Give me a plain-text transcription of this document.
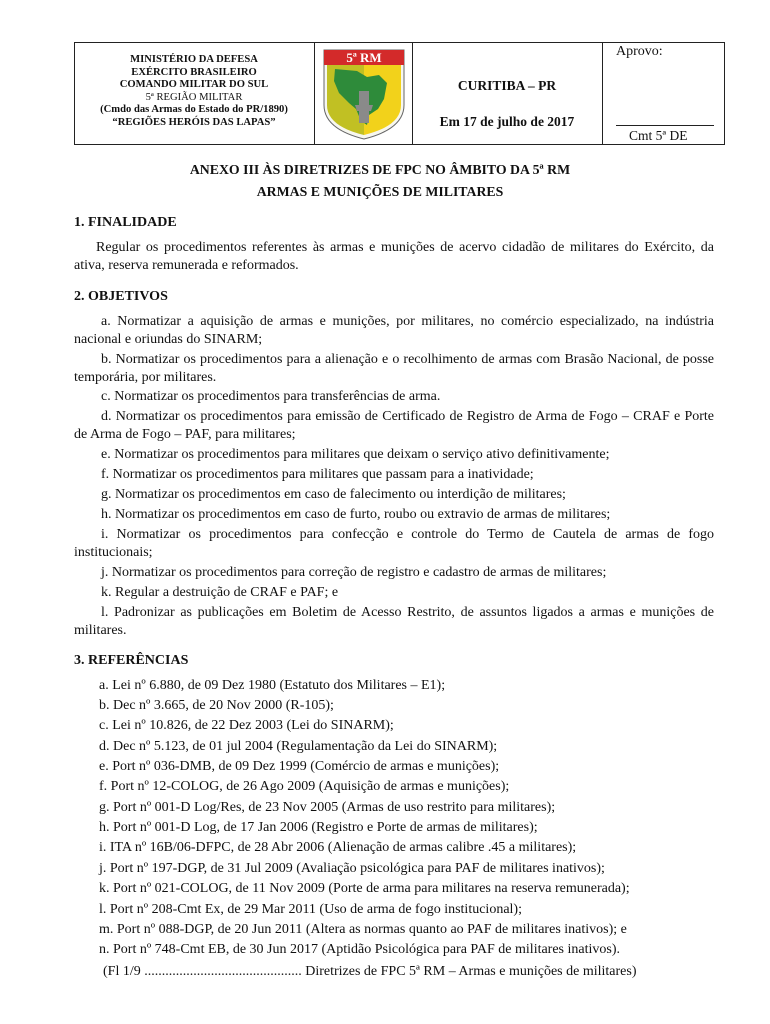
MINISTÉRIO DA DEFESA
EXÉRCITO BRASILEIRO
COMANDO MILITAR DO SUL
5ª REGIÃO MILITAR
(Cmdo das Armas do Estado do PR/1890)
“REGIÕES HERÓIS DAS LAPAS”
5ª RM
CURITIBA – PR
Em 17 de julho de 2017
Aprovo:
Cmt 5ª DE
ANEXO III ÀS DIRETRIZES DE FPC NO ÂMBITO DA 5ª RM
ARMAS E MUNIÇÕES DE MILITARES
1. FINALIDADE
Regular os procedimentos referentes às armas e munições de acervo cidadão de militares do Exército, da ativa, reserva remunerada e reformados.
2. OBJETIVOS
a. Normatizar a aquisição de armas e munições, por militares, no comércio especializado, na indústria nacional e oriundas do SINARM;
b. Normatizar os procedimentos para a alienação e o recolhimento de armas com Brasão Nacional, de posse temporária, por militares.
c. Normatizar os procedimentos para transferências de arma.
d. Normatizar os procedimentos para emissão de Certificado de Registro de Arma de Fogo – CRAF e Porte de Arma de Fogo – PAF, para militares;
e. Normatizar os procedimentos para militares que deixam o serviço ativo definitivamente;
f. Normatizar os procedimentos para militares que passam para a inatividade;
g. Normatizar os procedimentos em caso de falecimento ou interdição de militares;
h. Normatizar os procedimentos em caso de furto, roubo ou extravio de armas de militares;
i. Normatizar os procedimentos para confecção e controle do Termo de Cautela de armas de fogo institucionais;
j. Normatizar os procedimentos para correção de registro e cadastro de armas de militares;
k. Regular a destruição de CRAF e PAF; e
l. Padronizar as publicações em Boletim de Acesso Restrito, de assuntos ligados a armas e munições de militares.
3. REFERÊNCIAS
a. Lei nº 6.880, de 09 Dez 1980 (Estatuto dos Militares – E1);
b. Dec nº 3.665, de 20 Nov 2000 (R-105);
c. Lei nº 10.826, de 22 Dez 2003 (Lei do SINARM);
d. Dec nº 5.123, de 01 jul 2004 (Regulamentação da Lei do SINARM);
e. Port nº 036-DMB, de 09 Dez 1999 (Comércio de armas e munições);
f. Port nº 12-COLOG, de 26 Ago 2009 (Aquisição de armas e munições);
g. Port nº 001-D Log/Res, de 23 Nov 2005 (Armas de uso restrito para militares);
h. Port nº 001-D Log, de 17 Jan 2006 (Registro e Porte de armas de militares);
i. ITA nº 16B/06-DFPC, de 28 Abr 2006 (Alienação de armas calibre .45 a militares);
j. Port nº 197-DGP, de 31 Jul 2009 (Avaliação psicológica para PAF de militares inativos);
k. Port nº 021-COLOG, de 11 Nov 2009 (Porte de arma para militares na reserva remunerada);
l. Port nº 208-Cmt Ex, de 29 Mar 2011 (Uso de arma de fogo institucional);
m. Port nº 088-DGP, de 20 Jun 2011 (Altera as normas quanto ao PAF de militares inativos); e
n. Port nº 748-Cmt EB, de 30 Jun 2017 (Aptidão Psicológica para PAF de militares inativos).
(Fl 1/9 ............................................. Diretrizes de FPC 5ª RM – Armas e munições de militares)
